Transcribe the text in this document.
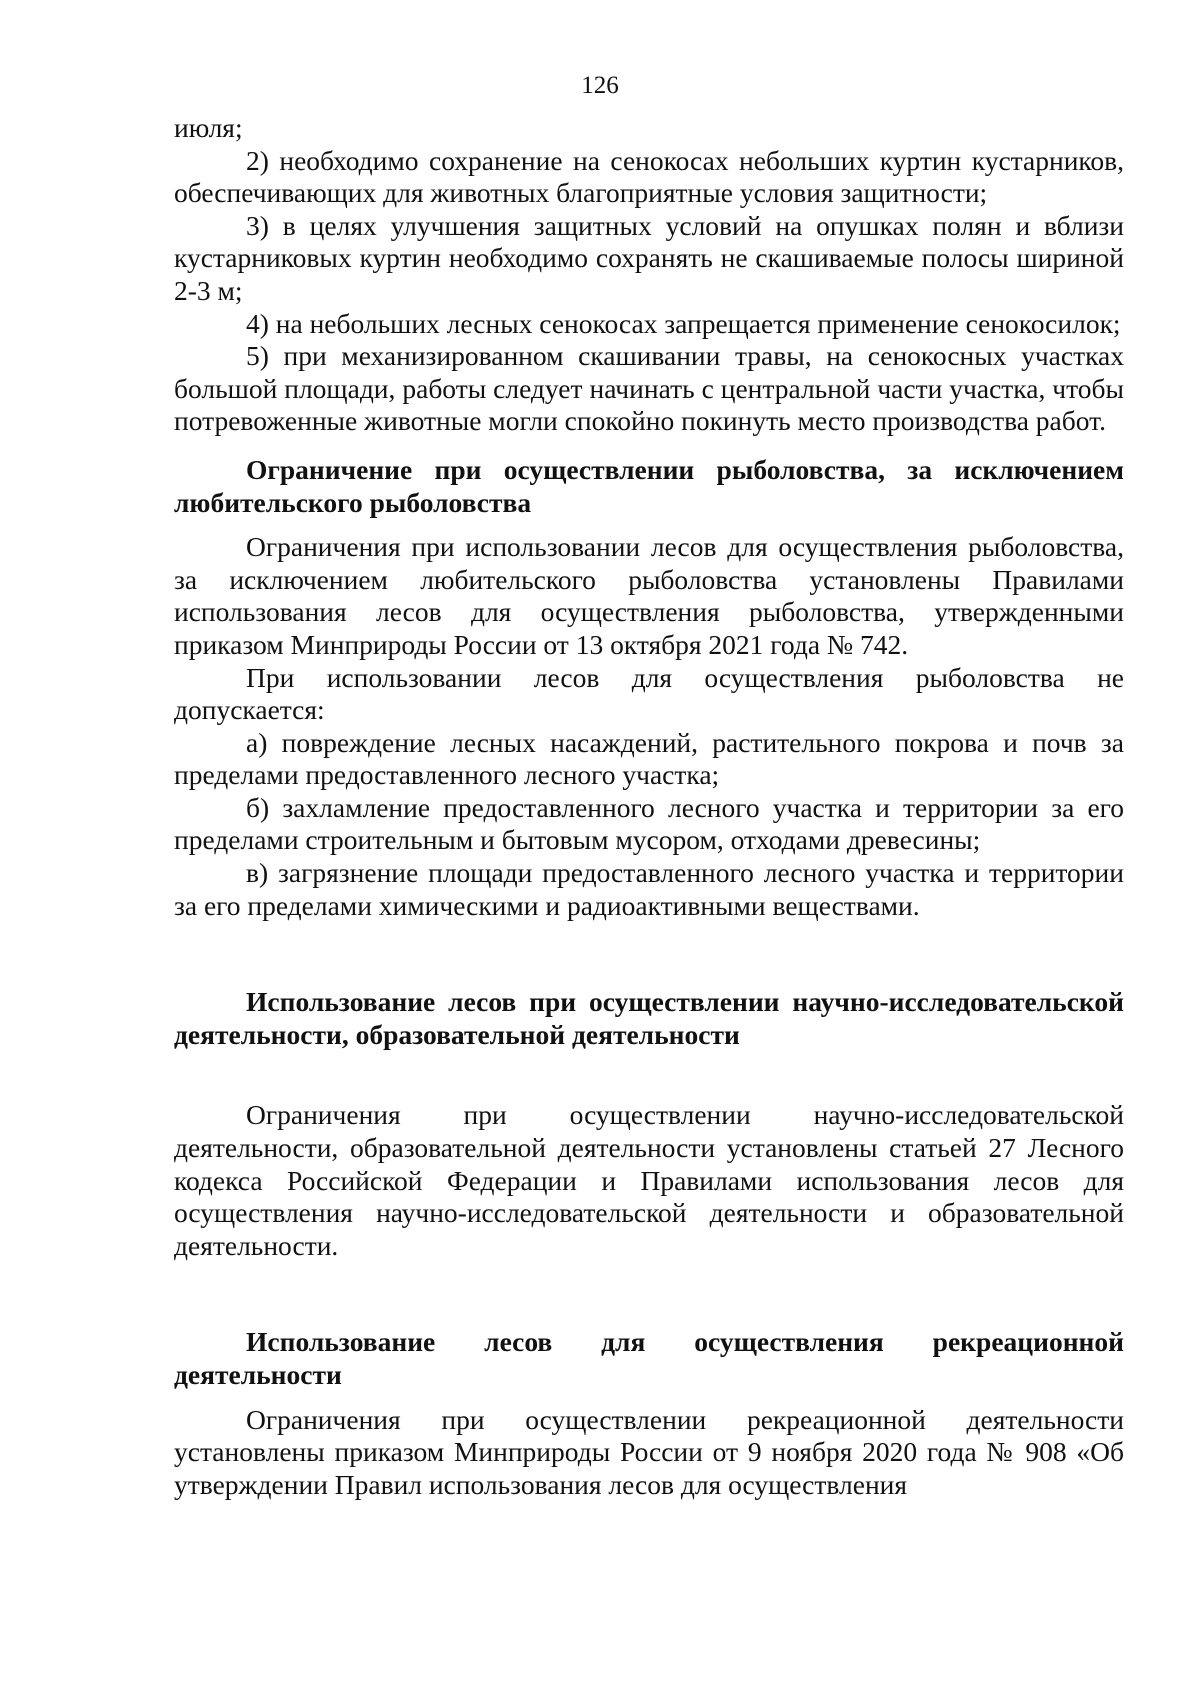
126

июля;

2) необходимо сохранение на сенокосах небольших куртин кустарников, обеспечивающих для животных благоприятные условия защитности;

3) в целях улучшения защитных условий на опушках полян и вблизи кустарниковых куртин необходимо сохранять не скашиваемые полосы шириной 2-3 м;

4) на небольших лесных сенокосах запрещается применение сенокосилок;

5) при механизированном скашивании травы, на сенокосных участках большой площади, работы следует начинать с центральной части участка, чтобы потревоженные животные могли спокойно покинуть место производства работ.

Ограничение при осуществлении рыболовства, за исключением любительского рыболовства

Ограничения при использовании лесов для осуществления рыболовства, за исключением любительского рыболовства установлены Правилами использования лесов для осуществления рыболовства, утвержденными приказом Минприроды России от 13 октября 2021 года № 742.

При использовании лесов для осуществления рыболовства не допускается:

а) повреждение лесных насаждений, растительного покрова и почв за пределами предоставленного лесного участка;

б) захламление предоставленного лесного участка и территории за его пределами строительным и бытовым мусором, отходами древесины;

в) загрязнение площади предоставленного лесного участка и территории за его пределами химическими и радиоактивными веществами.

Использование лесов при осуществлении научно-исследовательской деятельности, образовательной деятельности

Ограничения при осуществлении научно-исследовательской деятельности, образовательной деятельности установлены статьей 27 Лесного кодекса Российской Федерации и Правилами использования лесов для осуществления научно-исследовательской деятельности и образовательной деятельности.

Использование лесов для осуществления рекреационной деятельности

Ограничения при осуществлении рекреационной деятельности установлены приказом Минприроды России от 9 ноября 2020 года № 908 «Об утверждении Правил использования лесов для осуществления
